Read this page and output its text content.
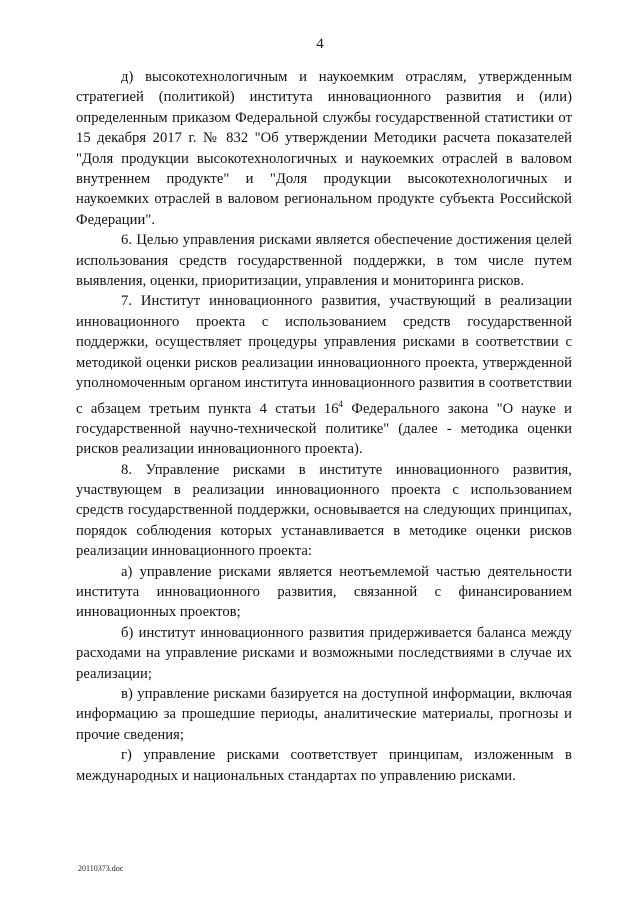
4

д) высокотехнологичным и наукоемким отраслям, утвержденным стратегией (политикой) института инновационного развития и (или) определенным приказом Федеральной службы государственной статистики от 15 декабря 2017 г. № 832 "Об утверждении Методики расчета показателей "Доля продукции высокотехнологичных и наукоемких отраслей в валовом внутреннем продукте" и "Доля продукции высокотехнологичных и наукоемких отраслей в валовом региональном продукте субъекта Российской Федерации".

6. Целью управления рисками является обеспечение достижения целей использования средств государственной поддержки, в том числе путем выявления, оценки, приоритизации, управления и мониторинга рисков.

7. Институт инновационного развития, участвующий в реализации инновационного проекта с использованием средств государственной поддержки, осуществляет процедуры управления рисками в соответствии с методикой оценки рисков реализации инновационного проекта, утвержденной уполномоченным органом института инновационного развития в соответствии с абзацем третьим пункта 4 статьи $16^4$ Федерального закона "О науке и государственной научно-технической политике" (далее - методика оценки рисков реализации инновационного проекта).

8. Управление рисками в институте инновационного развития, участвующем в реализации инновационного проекта с использованием средств государственной поддержки, основывается на следующих принципах, порядок соблюдения которых устанавливается в методике оценки рисков реализации инновационного проекта:

а) управление рисками является неотъемлемой частью деятельности института инновационного развития, связанной с финансированием инновационных проектов;

б) институт инновационного развития придерживается баланса между расходами на управление рисками и возможными последствиями в случае их реализации;

в) управление рисками базируется на доступной информации, включая информацию за прошедшие периоды, аналитические материалы, прогнозы и прочие сведения;

г) управление рисками соответствует принципам, изложенным в международных и национальных стандартах по управлению рисками.

20110373.doc
